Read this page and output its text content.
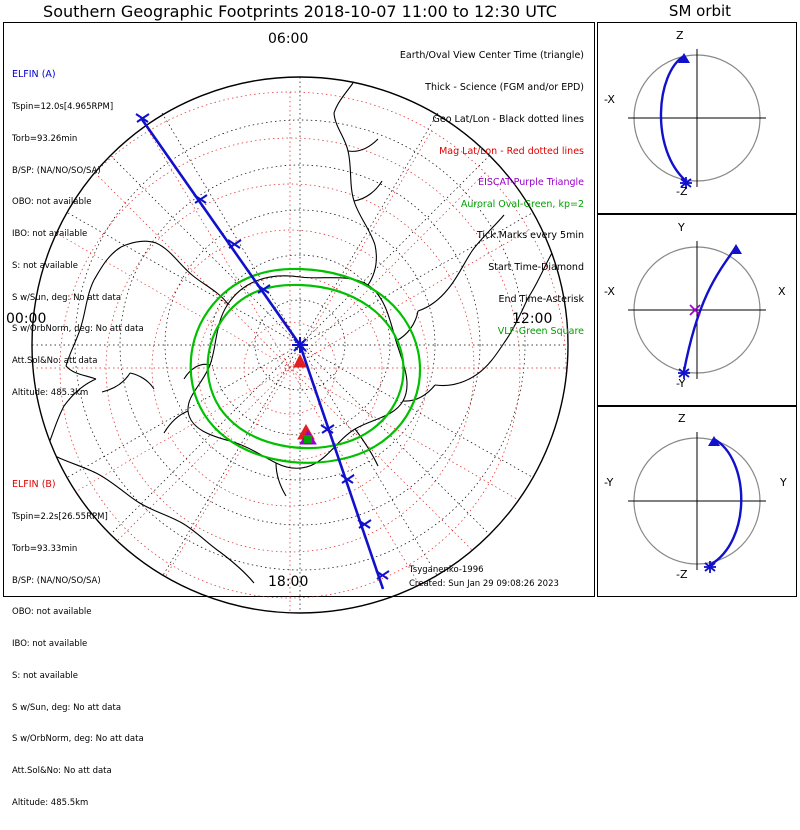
Southern Geographic Footprints 2018-10-07 11:00 to 12:30 UTC	SM orbit
06:00
00:00	12:00
18:00

Earth/Oval View Center Time (triangle)

Thick - Science (FGM and/or EPD)

Geo Lat/Lon - Black dotted lines

Mag Lat/Lon - Red dotted lines

EISCAT-Purple Triangle

Auroral Oval-Green, kp=2

Tick Marks every 5min

Start Time-Diamond

End Time-Asterisk

VLF-Green Square

ELFIN (A)

Tspin=12.0s[4.965RPM]

Torb=93.26min

B/SP: (NA/NO/SO/SA)

OBO: not available

IBO: not available

S: not available

S w/Sun, deg: No att data

S w/OrbNorm, deg: No att data

Att.Sol&No: att data

Altitude: 485.3km

ELFIN (B)

Tspin=2.2s[26.55RPM]

Torb=93.33min

B/SP: (NA/NO/SO/SA)

OBO: not available

IBO: not available

S: not available

S w/Sun, deg: No att data

S w/OrbNorm, deg: No att data

Att.Sol&No: No att data

Altitude: 485.5km

Tsyganenko-1996
Created: Sun Jan 29 09:08:26 2023
Z
-X
-Z
Y
-X	X
-Y
Z
-Y	Y
-Z
